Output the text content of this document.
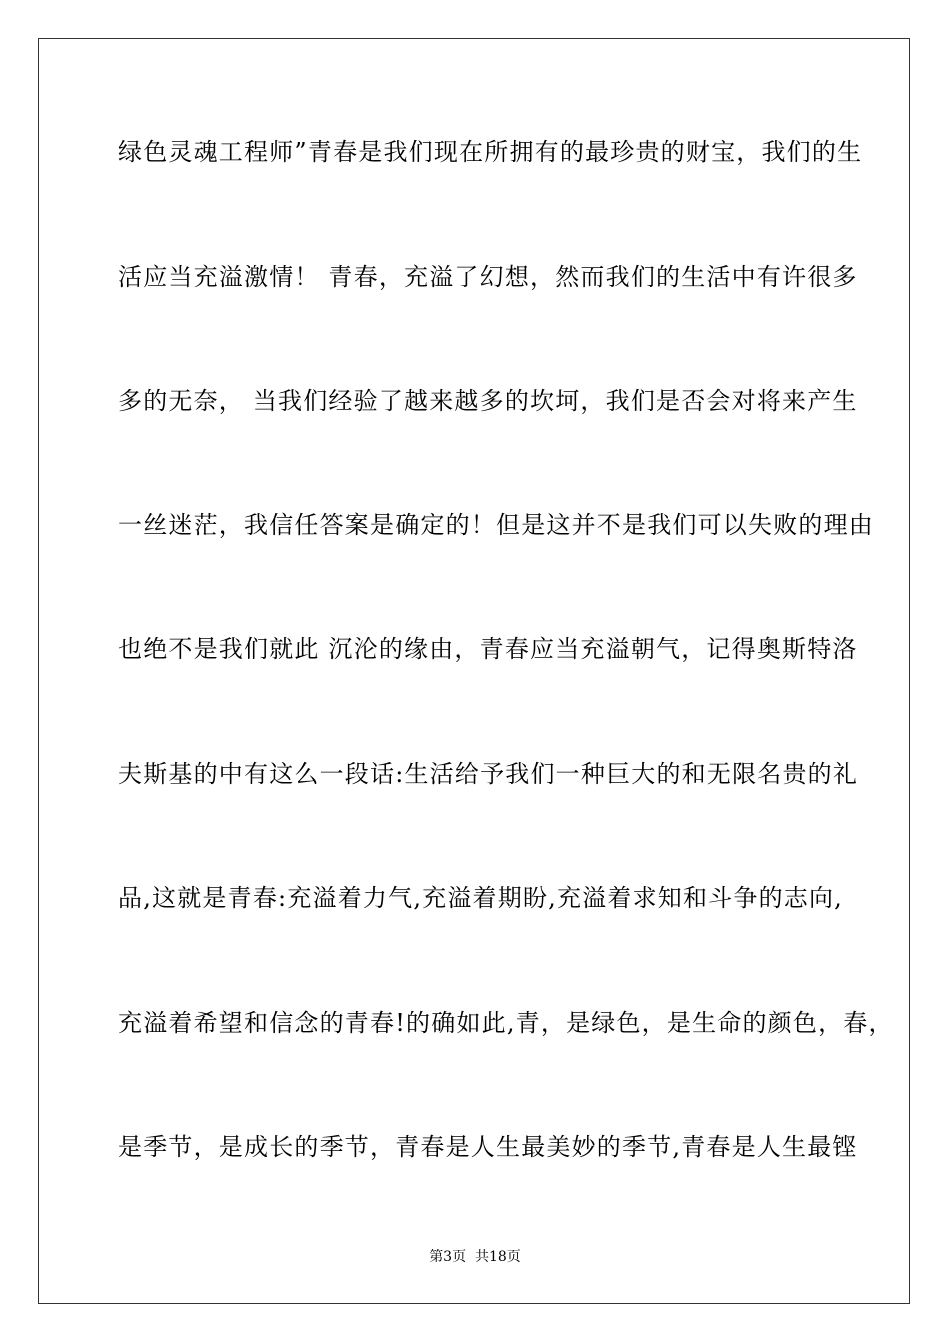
绿色灵魂工程师”青春是我们现在所拥有的最珍贵的财宝，我们的生
活应当充溢激情！ 青春，充溢了幻想，然而我们的生活中有许很多
多的无奈， 当我们经验了越来越多的坎坷，我们是否会对将来产生
一丝迷茫，我信任答案是确定的！但是这并不是我们可以失败的理由
也绝不是我们就此 沉沦的缘由，青春应当充溢朝气，记得奥斯特洛
夫斯基的中有这么一段话:生活给予我们一种巨大的和无限名贵的礼
品,这就是青春:充溢着力气,充溢着期盼,充溢着求知和斗争的志向,
充溢着希望和信念的青春!的确如此,青，是绿色，是生命的颜色，春，
是季节，是成长的季节，青春是人生最美妙的季节,青春是人生最铿
第3页  共18页
